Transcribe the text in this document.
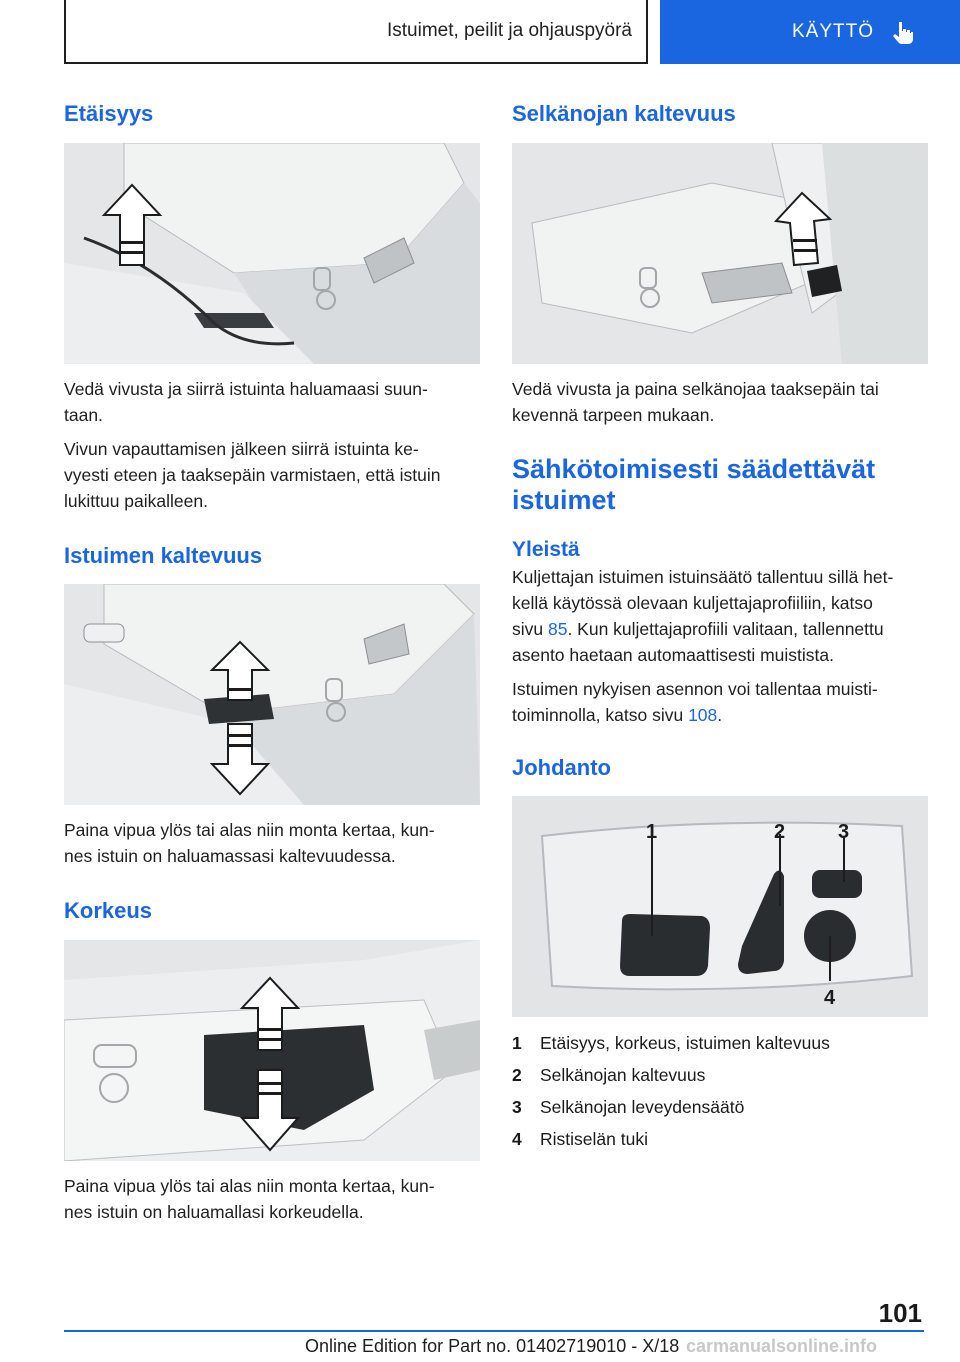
Istuimet, peilit ja ohjauspyörä	KÄYTTÖ
Etäisyys

Vedä vivusta ja siirrä istuinta haluamaasi suun-
taan.

Vivun vapauttamisen jälkeen siirrä istuinta ke-
vyesti eteen ja taaksepäin varmistaen, että istuin
lukittuu paikalleen.

Istuimen kaltevuus

Paina vipua ylös tai alas niin monta kertaa, kun-
nes istuin on haluamassasi kaltevuudessa.

Korkeus

Paina vipua ylös tai alas niin monta kertaa, kun-
nes istuin on haluamallasi korkeudella.

Selkänojan kaltevuus

Vedä vivusta ja paina selkänojaa taaksepäin tai
kevennä tarpeen mukaan.

Sähkötoimisesti säädettävät
istuimet
Yleistä

Kuljettajan istuimen istuinsäätö tallentuu sillä het-
kellä käytössä olevaan kuljettajaprofiiliin, katso
sivu 85. Kun kuljettajaprofiili valitaan, tallennettu
asento haetaan automaattisesti muistista.

Istuimen nykyisen asennon voi tallentaa muisti-
toiminnolla, katso sivu 108.

Johdanto
1	2	3
4
1	Etäisyys, korkeus, istuimen kaltevuus
2	Selkänojan kaltevuus
3	Selkänojan leveydensäätö
4	Ristiselän tuki
101
Online Edition for Part no. 01402719010 - X/18 carmanualsonline.info
